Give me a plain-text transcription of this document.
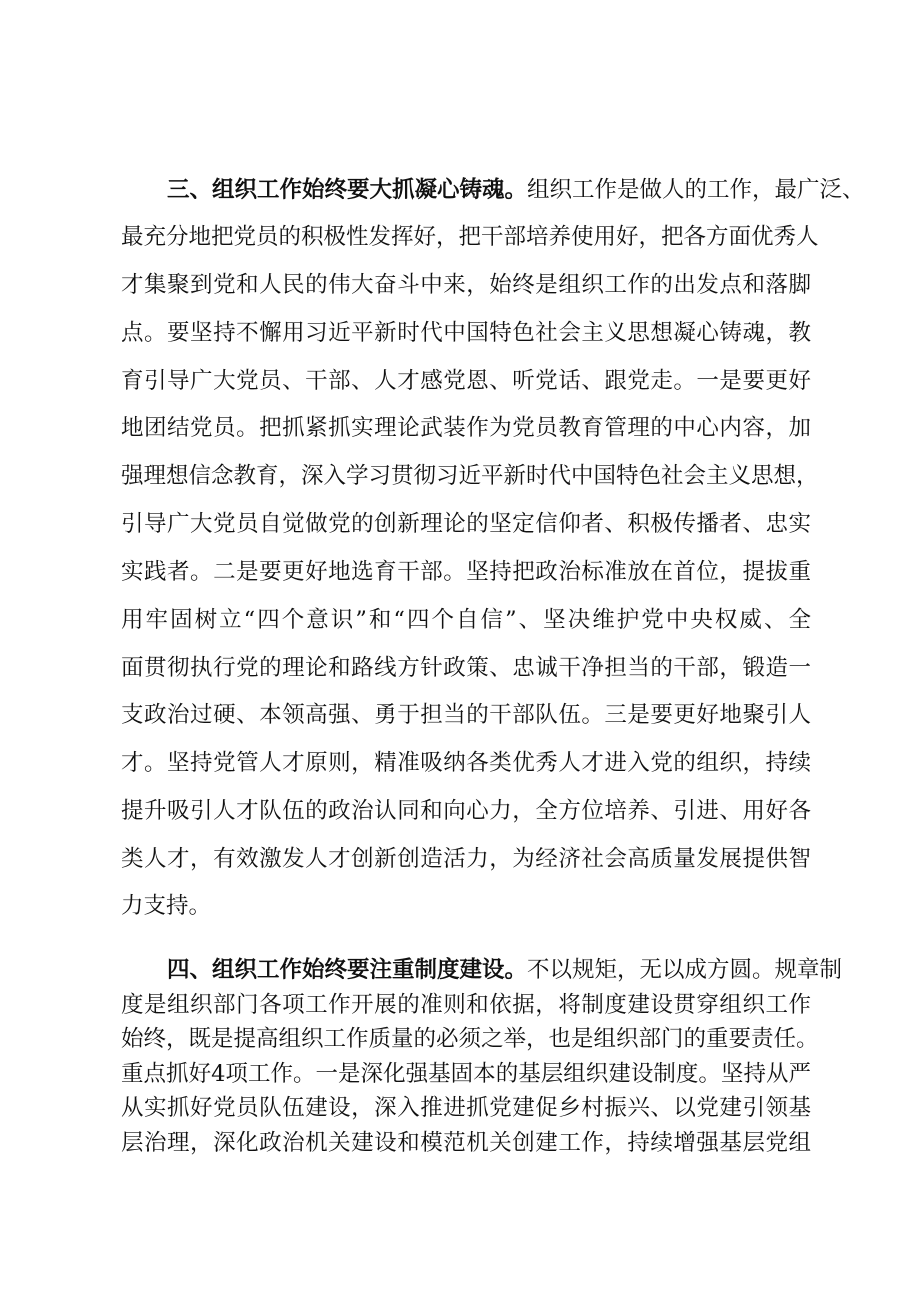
三、组织工作始终要大抓凝心铸魂。组织工作是做人的工作，最广泛、
最充分地把党员的积极性发挥好，把干部培养使用好，把各方面优秀人
才集聚到党和人民的伟大奋斗中来，始终是组织工作的出发点和落脚
点。要坚持不懈用习近平新时代中国特色社会主义思想凝心铸魂，教
育引导广大党员、干部、人才感党恩、听党话、跟党走。一是要更好
地团结党员。把抓紧抓实理论武装作为党员教育管理的中心内容，加
强理想信念教育，深入学习贯彻习近平新时代中国特色社会主义思想，
引导广大党员自觉做党的创新理论的坚定信仰者、积极传播者、忠实
实践者。二是要更好地选育干部。坚持把政治标准放在首位，提拔重
用牢固树立“四个意识”和“四个自信”、坚决维护党中央权威、全
面贯彻执行党的理论和路线方针政策、忠诚干净担当的干部，锻造一
支政治过硬、本领高强、勇于担当的干部队伍。三是要更好地聚引人
才。坚持党管人才原则，精准吸纳各类优秀人才进入党的组织，持续
提升吸引人才队伍的政治认同和向心力，全方位培养、引进、用好各
类人才，有效激发人才创新创造活力，为经济社会高质量发展提供智
力支持。
四、组织工作始终要注重制度建设。不以规矩，无以成方圆。规章制
度是组织部门各项工作开展的准则和依据，将制度建设贯穿组织工作
始终，既是提高组织工作质量的必须之举，也是组织部门的重要责任。
重点抓好4项工作。一是深化强基固本的基层组织建设制度。坚持从严
从实抓好党员队伍建设，深入推进抓党建促乡村振兴、以党建引领基
层治理，深化政治机关建设和模范机关创建工作，持续增强基层党组
